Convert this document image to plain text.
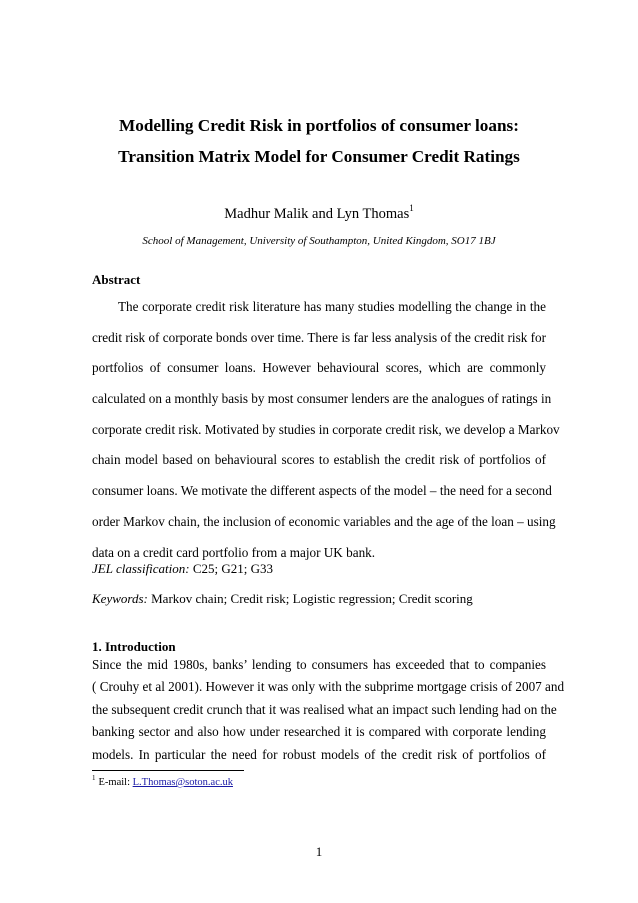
Modelling Credit Risk in portfolios of consumer loans:
Transition Matrix Model for Consumer Credit Ratings
Madhur Malik and Lyn Thomas$^1$
School of Management, University of Southampton, United Kingdom, SO17 1BJ
Abstract
The corporate credit risk literature has many studies modelling the change in the
credit risk of corporate bonds over time. There is far less analysis of the credit risk for
portfolios of consumer loans. However behavioural scores, which are commonly
calculated on a monthly basis by most consumer lenders are the analogues of ratings in
corporate credit risk. Motivated by studies in corporate credit risk, we develop a Markov
chain model based on behavioural scores to establish the credit risk of portfolios of
consumer loans. We motivate the different aspects of the model – the need for a second
order Markov chain, the inclusion of economic variables and the age of the loan – using
data on a credit card portfolio from a major UK bank.
JEL classification: C25; G21; G33
Keywords: Markov chain; Credit risk; Logistic regression; Credit scoring
1. Introduction
Since the mid 1980s, banks’ lending to consumers has exceeded that to companies
( Crouhy et al 2001). However it was only with the subprime mortgage crisis of 2007 and
the subsequent credit crunch that it was realised what an impact such lending had on the
banking sector and also how under researched it is compared with corporate lending
models. In particular the need for robust models of the credit risk of portfolios of
$^1$ E-mail: L.Thomas@soton.ac.uk
1
